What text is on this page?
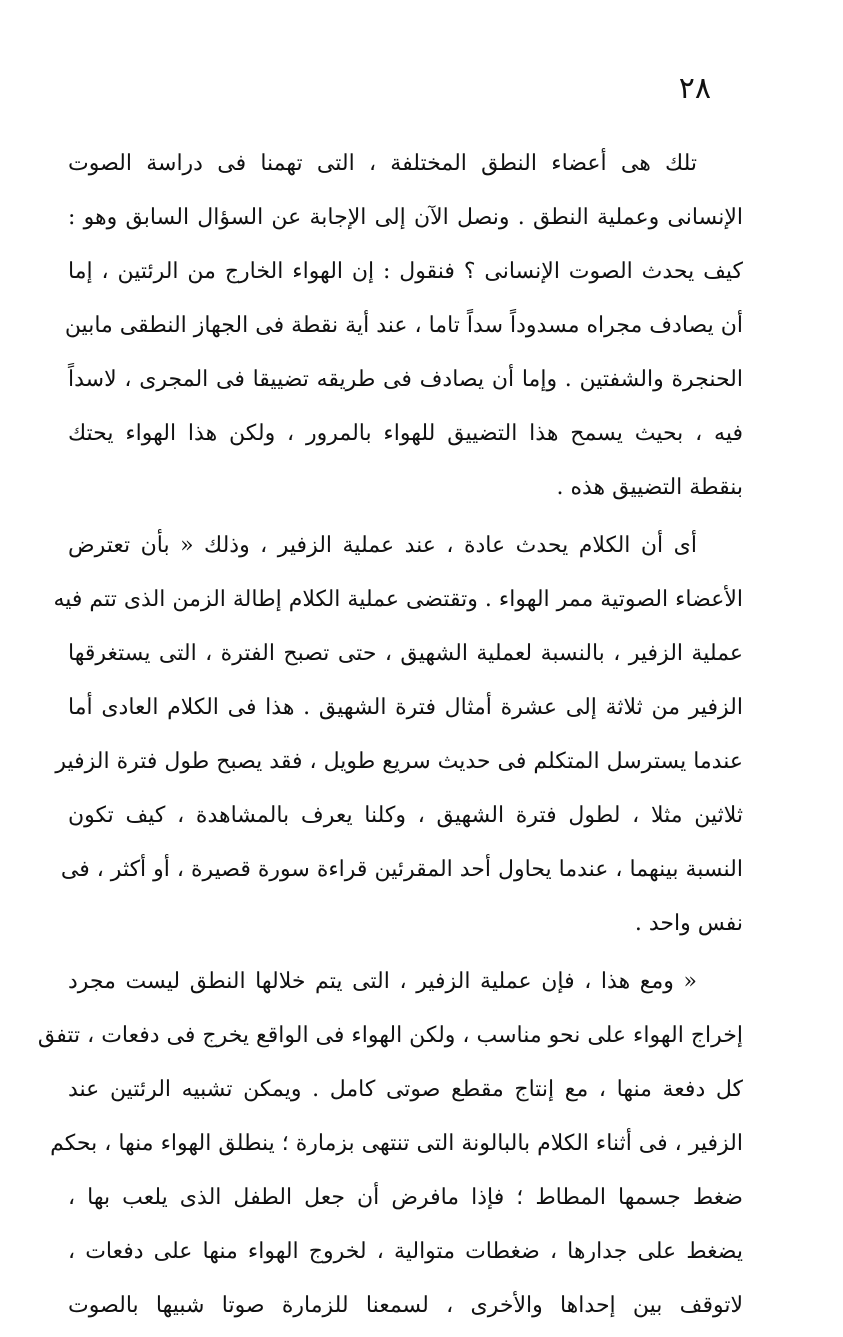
٢٨
تلك هى أعضاء النطق المختلفة ، التى تهمنا فى دراسة الصوت
الإنسانى وعملية النطق . ونصل الآن إلى الإجابة عن السؤال السابق وهو :
كيف يحدث الصوت الإنسانى ؟ فنقول : إن الهواء الخارج من الرئتين ، إما
أن يصادف مجراه مسدوداً سداً تاما ، عند أية نقطة فى الجهاز النطقى مابين
الحنجرة والشفتين . وإما أن يصادف فى طريقه تضييقا فى المجرى ، لاسداً
فيه ، بحيث يسمح هذا التضييق للهواء بالمرور ، ولكن هذا الهواء يحتك
بنقطة التضييق هذه .
أى أن الكلام يحدث عادة ، عند عملية الزفير ، وذلك « بأن تعترض
الأعضاء الصوتية ممر الهواء . وتقتضى عملية الكلام إطالة الزمن الذى تتم فيه
عملية الزفير ، بالنسبة لعملية الشهيق ، حتى تصبح الفترة ، التى يستغرقها
الزفير من ثلاثة إلى عشرة أمثال فترة الشهيق . هذا فى الكلام العادى أما
عندما يسترسل المتكلم فى حديث سريع طويل ، فقد يصبح طول فترة الزفير
ثلاثين مثلا ، لطول فترة الشهيق ، وكلنا يعرف بالمشاهدة ، كيف تكون
النسبة بينهما ، عندما يحاول أحد المقرئين قراءة سورة قصيرة ، أو أكثر ، فى
نفس واحد .
« ومع هذا ، فإن عملية الزفير ، التى يتم خلالها النطق ليست مجرد
إخراج الهواء على نحو مناسب ، ولكن الهواء فى الواقع يخرج فى دفعات ، تتفق
كل دفعة منها ، مع إنتاج مقطع صوتى كامل . ويمكن تشبيه الرئتين عند
الزفير ، فى أثناء الكلام بالبالونة التى تنتهى بزمارة ؛ ينطلق الهواء منها ، بحكم
ضغط جسمها المطاط ؛ فإذا مافرض أن جعل الطفل الذى يلعب بها ،
يضغط على جدارها ، ضغطات متوالية ، لخروج الهواء منها على دفعات ،
لاتوقف بين إحداها والأخرى ، لسمعنا للزمارة صوتا شبيها بالصوت
